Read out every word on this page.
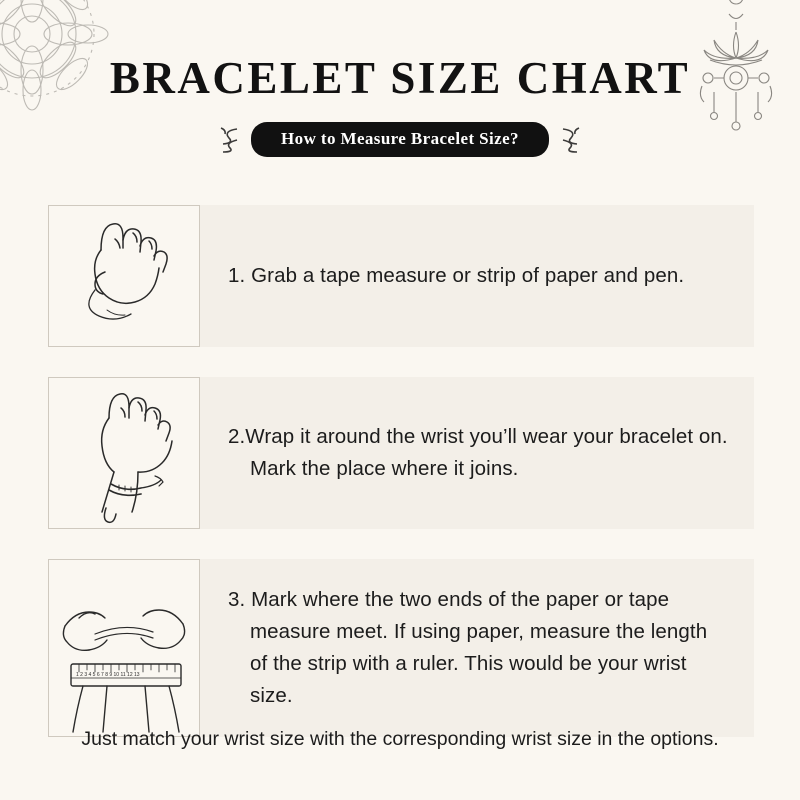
BRACELET SIZE CHART
How to Measure Bracelet Size?

1. Grab a tape measure or strip of paper and pen.

2.Wrap it around the wrist you’ll wear your bracelet on. Mark the place where it joins.

1 2 3 4 5 6 7 8 9 10 11 12 13

3. Mark where the two ends of the paper or tape measure meet. If using paper, measure the length of the strip with a ruler. This would be your wrist size.

Just match your wrist size with the corresponding wrist size in the options.
